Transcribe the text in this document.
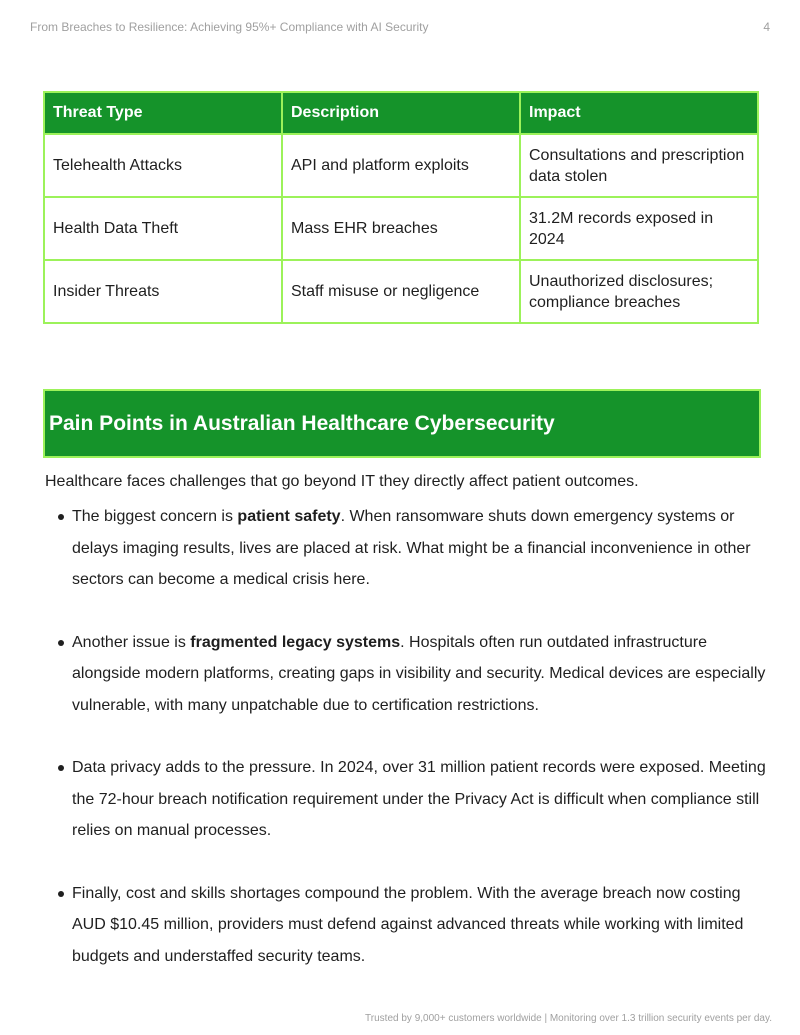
From Breaches to Resilience: Achieving 95%+ Compliance with AI Security	4
Threat Type	Description	Impact
Telehealth Attacks	API and platform exploits	Consultations and prescription data stolen
Health Data Theft	Mass EHR breaches	31.2M records exposed in 2024
Insider Threats	Staff misuse or negligence	Unauthorized disclosures; compliance breaches
Pain Points in Australian Healthcare Cybersecurity

Healthcare faces challenges that go beyond IT they directly affect patient outcomes.

The biggest concern is patient safety. When ransomware shuts down emergency systems or delays imaging results, lives are placed at risk. What might be a financial inconvenience in other sectors can become a medical crisis here.
Another issue is fragmented legacy systems. Hospitals often run outdated infrastructure alongside modern platforms, creating gaps in visibility and security. Medical devices are especially vulnerable, with many unpatchable due to certification restrictions.
Data privacy adds to the pressure. In 2024, over 31 million patient records were exposed. Meeting the 72-hour breach notification requirement under the Privacy Act is difficult when compliance still relies on manual processes.
Finally, cost and skills shortages compound the problem. With the average breach now costing AUD $10.45 million, providers must defend against advanced threats while working with limited budgets and understaffed security teams.
Trusted by 9,000+ customers worldwide | Monitoring over 1.3 trillion security events per day.
